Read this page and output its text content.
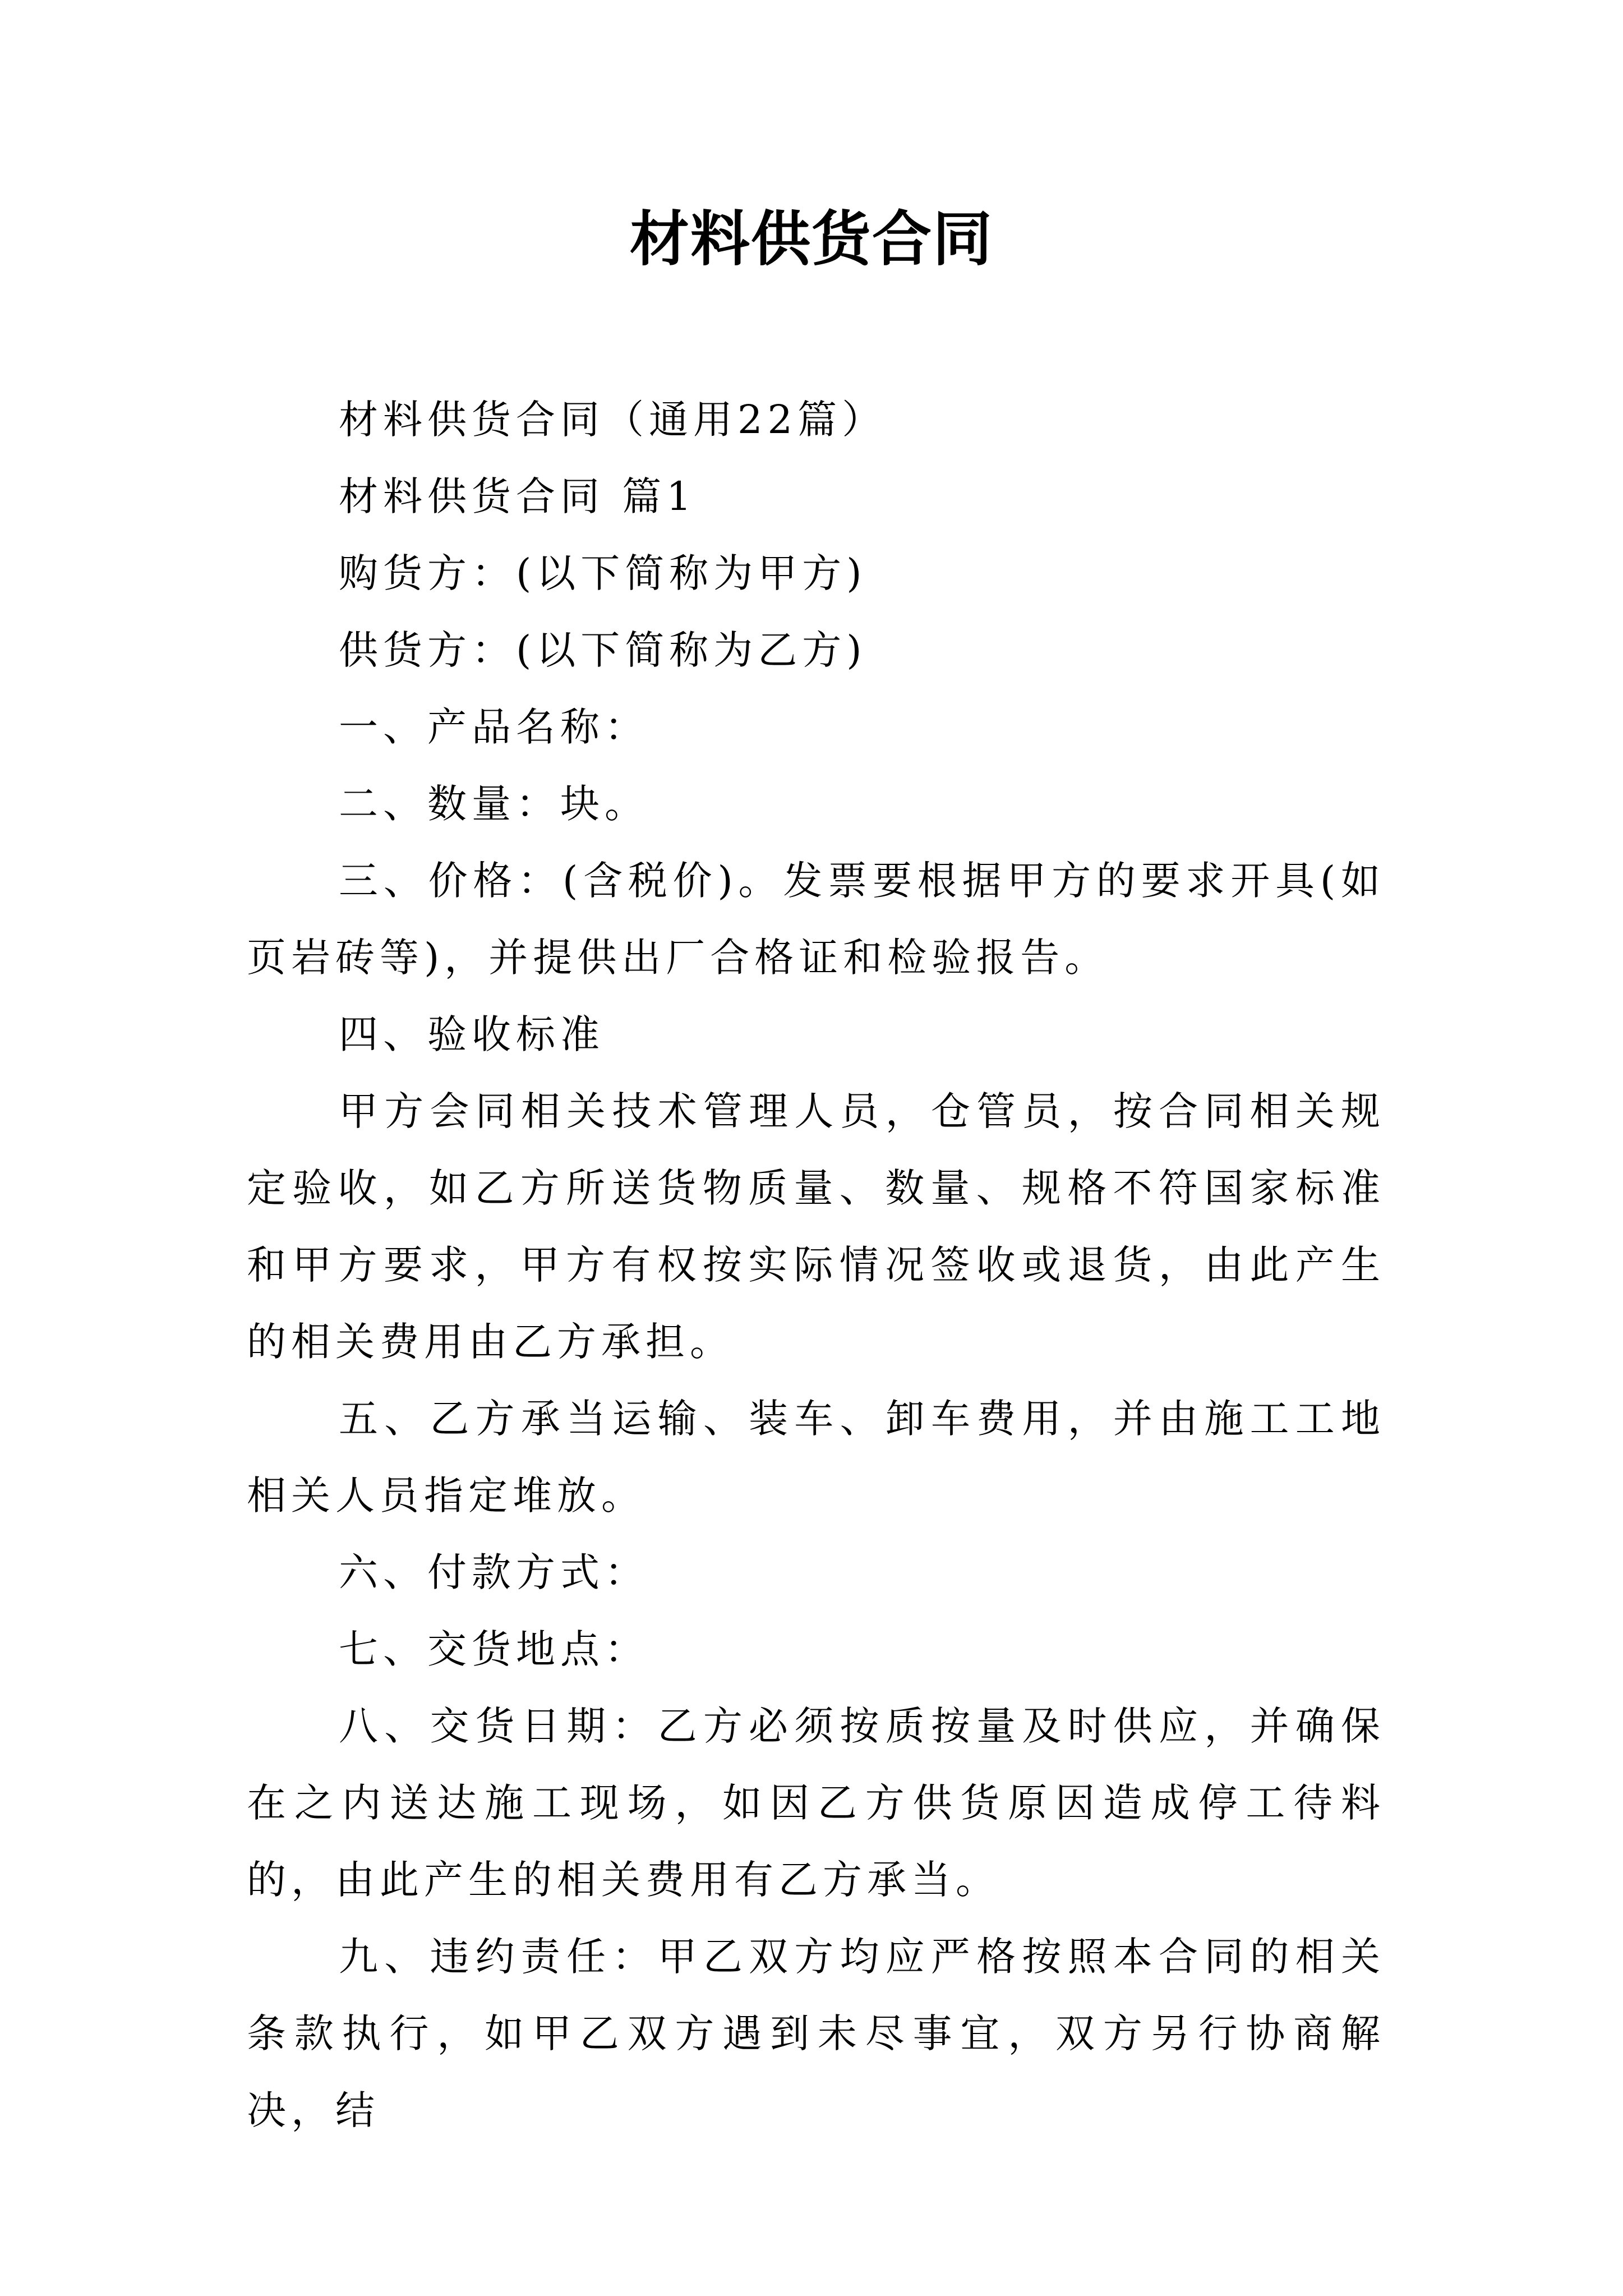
材料供货合同

材料供货合同（通用22篇）

材料供货合同 篇1

购货方：(以下简称为甲方)

供货方：(以下简称为乙方)

一、产品名称：

二、数量：块。

三、价格：(含税价)。发票要根据甲方的要求开具(如页岩砖等)，并提供出厂合格证和检验报告。

四、验收标准

甲方会同相关技术管理人员，仓管员，按合同相关规定验收，如乙方所送货物质量、数量、规格不符国家标准和甲方要求，甲方有权按实际情况签收或退货，由此产生的相关费用由乙方承担。

五、乙方承当运输、装车、卸车费用，并由施工工地相关人员指定堆放。

六、付款方式：

七、交货地点：

八、交货日期：乙方必须按质按量及时供应，并确保在之内送达施工现场，如因乙方供货原因造成停工待料的，由此产生的相关费用有乙方承当。

九、违约责任：甲乙双方均应严格按照本合同的相关条款执行，如甲乙双方遇到未尽事宜，双方另行协商解决，结
